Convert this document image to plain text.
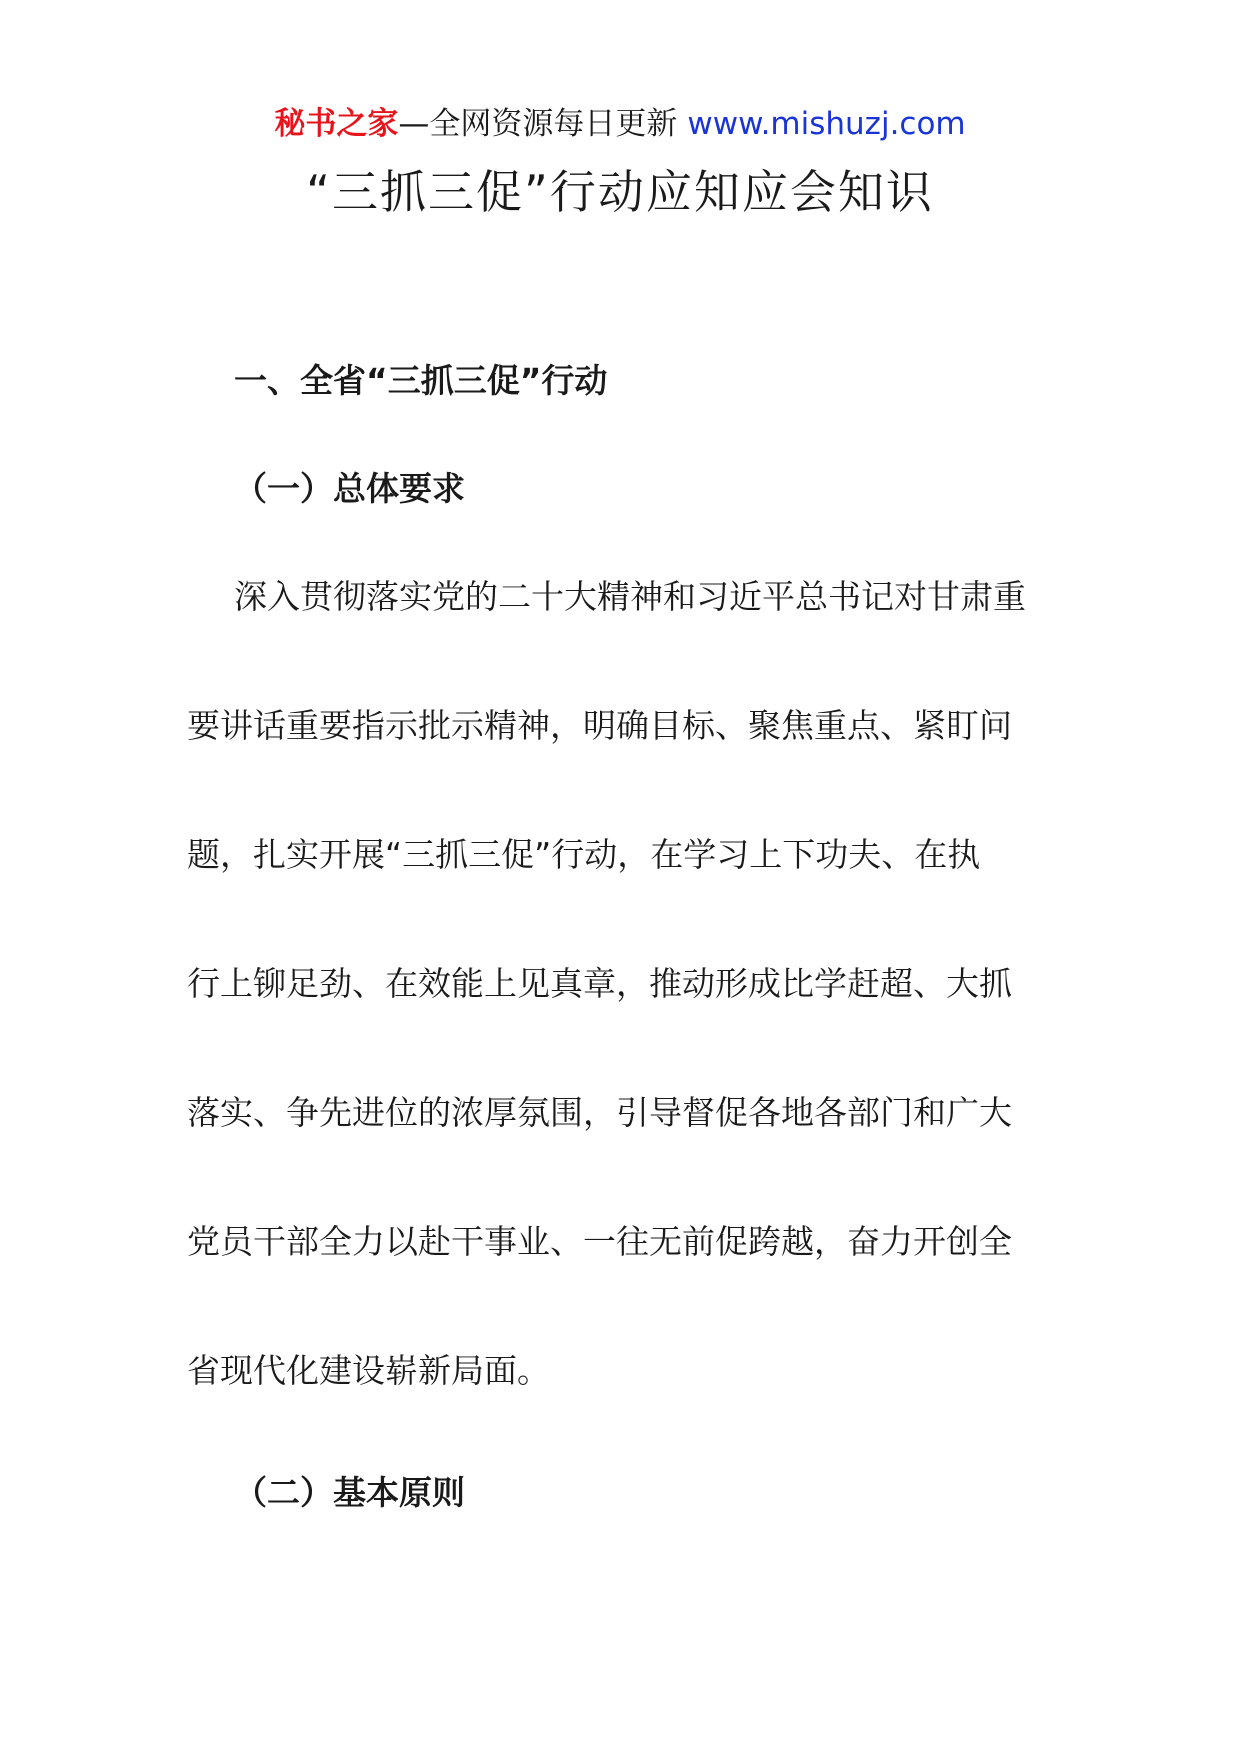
秘书之家—全网资源每日更新 www.mishuzj.com
“三抓三促”行动应知应会知识
一、全省“三抓三促”行动
（一）总体要求
深入贯彻落实党的二十大精神和习近平总书记对甘肃重
要讲话重要指示批示精神，明确目标、聚焦重点、紧盯问
题，扎实开展“三抓三促”行动，在学习上下功夫、在执
行上铆足劲、在效能上见真章，推动形成比学赶超、大抓
落实、争先进位的浓厚氛围，引导督促各地各部门和广大
党员干部全力以赴干事业、一往无前促跨越，奋力开创全
省现代化建设崭新局面。
（二）基本原则
